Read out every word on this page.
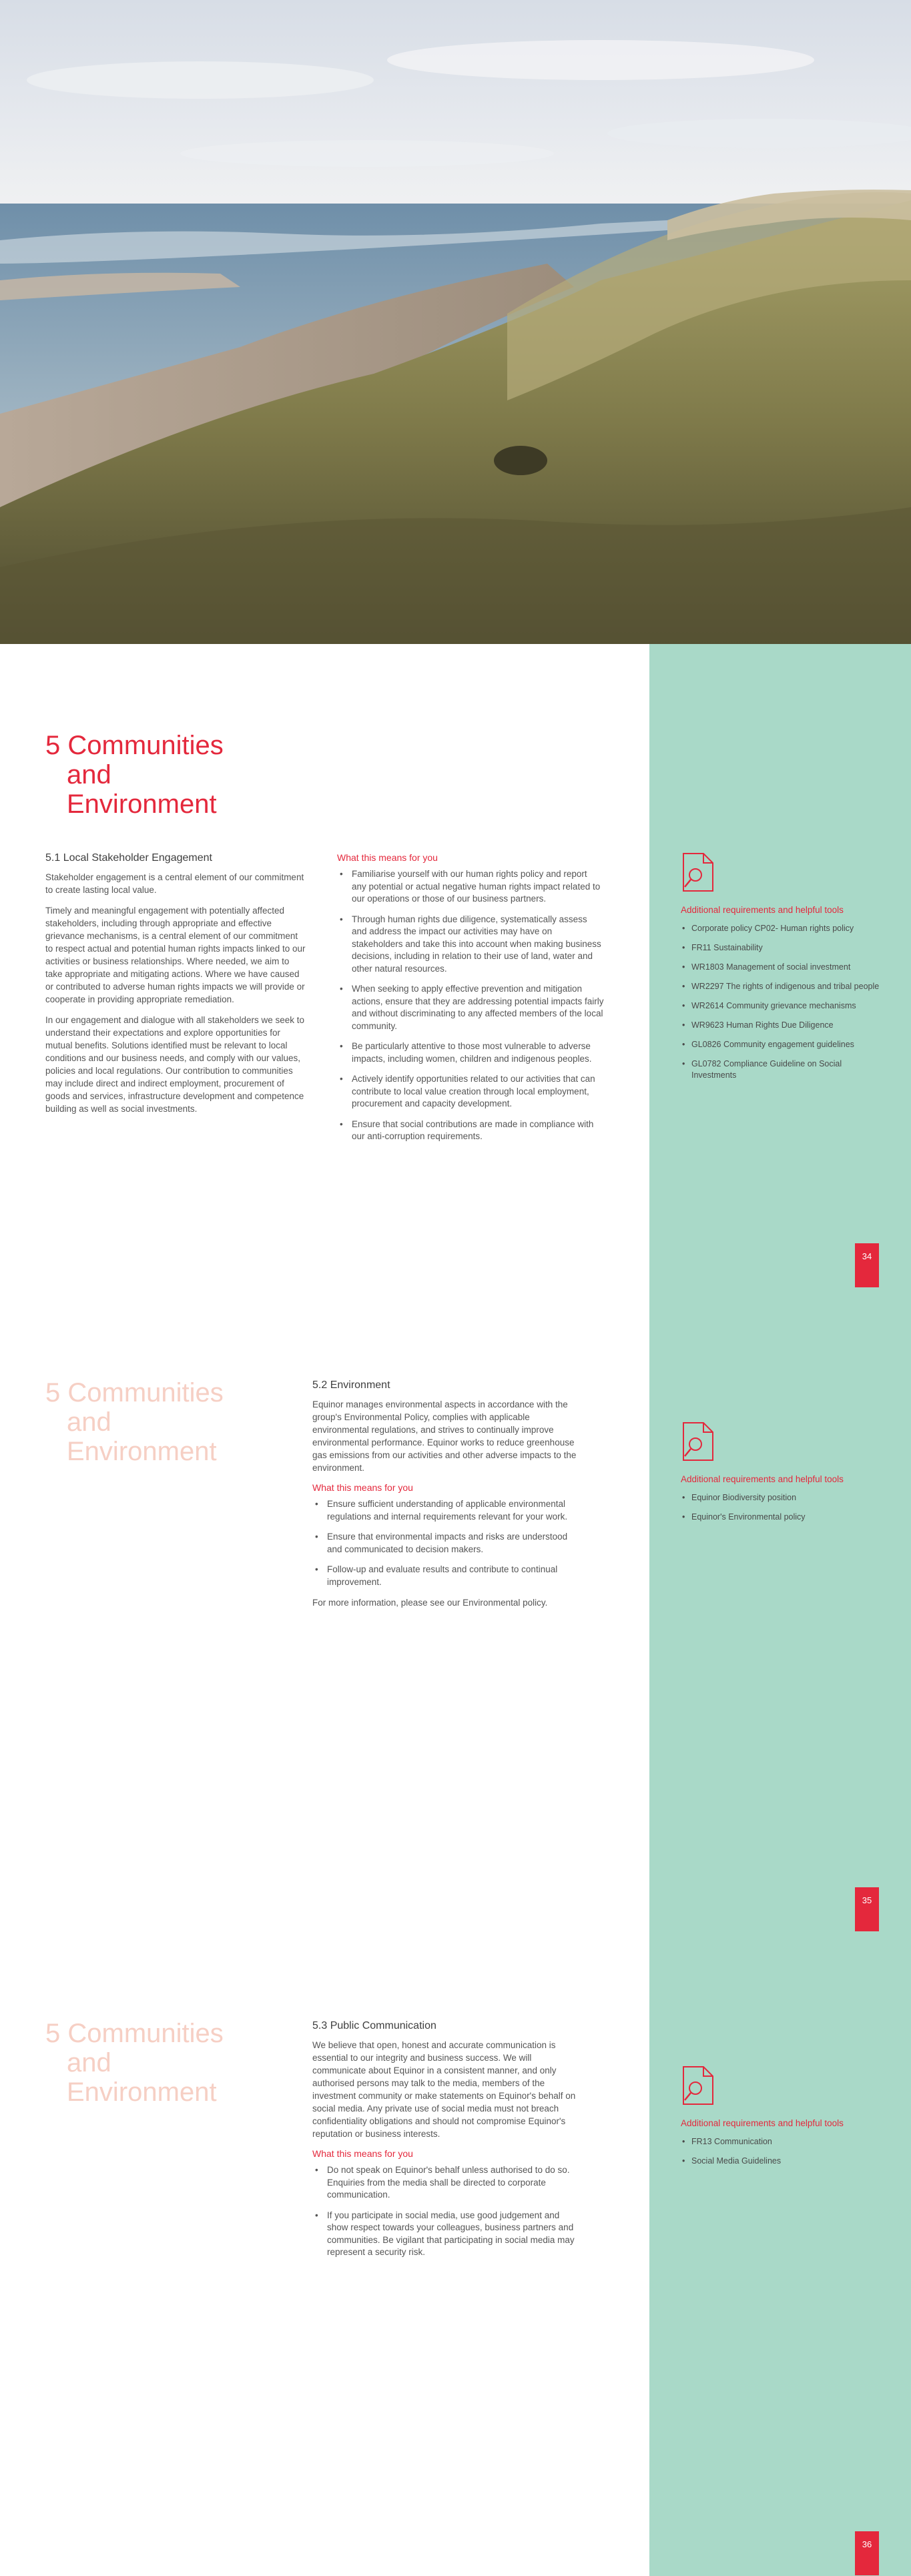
5 Communities
and
Environment
5.1 Local Stakeholder Engagement

Stakeholder engagement is a central element of our commitment to create lasting local value.

Timely and meaningful engagement with potentially affected stakeholders, including through appropriate and effective grievance mechanisms, is a central element of our commitment to respect actual and potential human rights impacts linked to our activities or business relationships. Where needed, we aim to take appropriate and mitigating actions. Where we have caused or contributed to adverse human rights impacts we will provide or cooperate in providing appropriate remediation.

In our engagement and dialogue with all stakeholders we seek to understand their expectations and explore opportunities for mutual benefits. Solutions identified must be relevant to local conditions and our business needs, and comply with our values, policies and local regulations. Our contribution to communities may include direct and indirect employment, procurement of goods and services, infrastructure development and competence building as well as social investments.

What this means for you
• Familiarise yourself with our human rights policy and report any potential or actual negative human rights impact related to our operations or those of our business partners.
• Through human rights due diligence, systematically assess and address the impact our activities may have on stakeholders and take this into account when making business decisions, including in relation to their use of land, water and other natural resources.
• When seeking to apply effective prevention and mitigation actions, ensure that they are addressing potential impacts fairly and without discriminating to any affected members of the local community.
• Be particularly attentive to those most vulnerable to adverse impacts, including women, children and indigenous peoples.
• Actively identify opportunities related to our activities that can contribute to local value creation through local employment, procurement and capacity development.
• Ensure that social contributions are made in compliance with our anti-corruption requirements.
Additional requirements and helpful tools
• Corporate policy CP02- Human rights policy
• FR11 Sustainability
• WR1803 Management of social investment
• WR2297 The rights of indigenous and tribal people
• WR2614 Community grievance mechanisms
• WR9623 Human Rights Due Diligence
• GL0826 Community engagement guidelines
• GL0782 Compliance Guideline on Social Investments
34
5 Communities
and
Environment
5.2 Environment

Equinor manages environmental aspects in accordance with the group's Environmental Policy, complies with applicable environmental regulations, and strives to continually improve environmental performance. Equinor works to reduce greenhouse gas emissions from our activities and other adverse impacts to the environment.

What this means for you
• Ensure sufficient understanding of applicable environmental regulations and internal requirements relevant for your work.
• Ensure that environmental impacts and risks are understood and communicated to decision makers.
• Follow-up and evaluate results and contribute to continual improvement.

For more information, please see our Environmental policy.

Additional requirements and helpful tools
• Equinor Biodiversity position
• Equinor's Environmental policy
35
5 Communities
and
Environment
5.3 Public Communication

We believe that open, honest and accurate communication is essential to our integrity and business success. We will communicate about Equinor in a consistent manner, and only authorised persons may talk to the media, members of the investment community or make statements on Equinor's behalf on social media. Any private use of social media must not breach confidentiality obligations and should not compromise Equinor's reputation or business interests.

What this means for you
• Do not speak on Equinor's behalf unless authorised to do so. Enquiries from the media shall be directed to corporate communication.
• If you participate in social media, use good judgement and show respect towards your colleagues, business partners and communities. Be vigilant that participating in social media may represent a security risk.
Additional requirements and helpful tools
• FR13 Communication
• Social Media Guidelines
36
